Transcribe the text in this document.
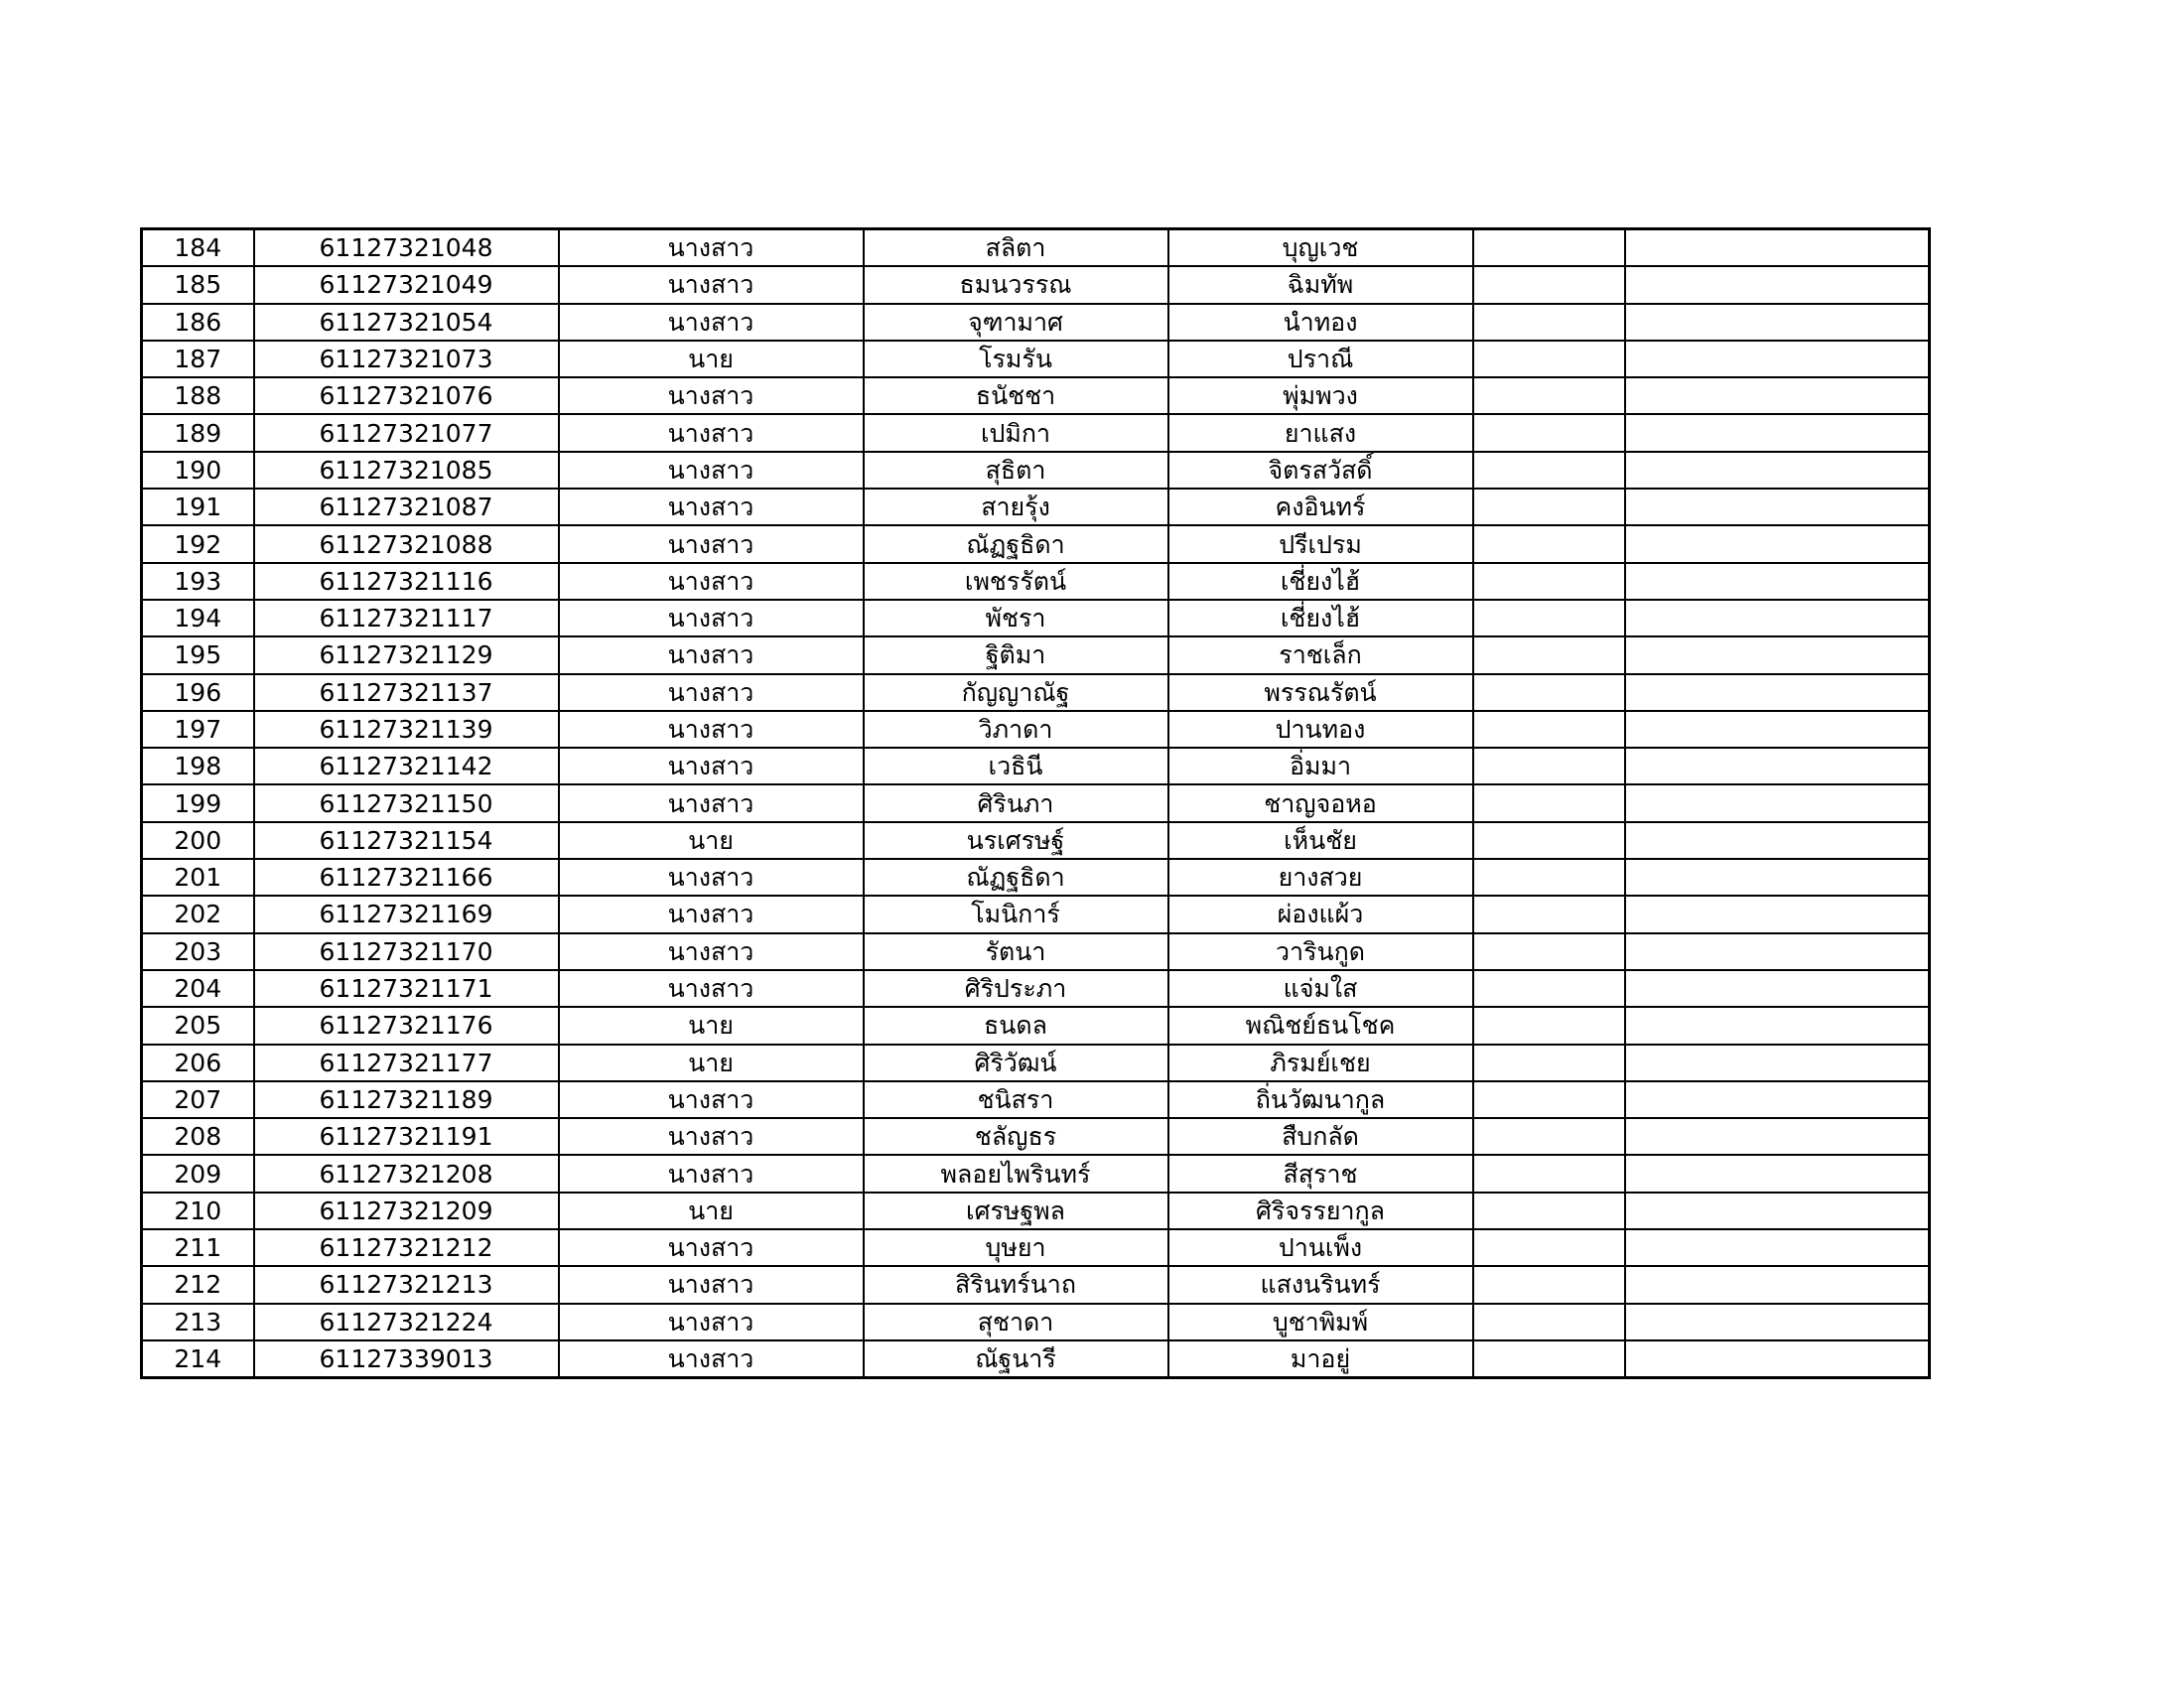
184	61127321048	นางสาว	สลิตา	บุญเวช		
185	61127321049	นางสาว	ธมนวรรณ	ฉิมทัพ		
186	61127321054	นางสาว	จุฑามาศ	นำทอง		
187	61127321073	นาย	โรมรัน	ปราณี		
188	61127321076	นางสาว	ธนัชชา	พุ่มพวง		
189	61127321077	นางสาว	เปมิกา	ยาแสง		
190	61127321085	นางสาว	สุธิตา	จิตรสวัสดิ์		
191	61127321087	นางสาว	สายรุ้ง	คงอินทร์		
192	61127321088	นางสาว	ณัฏฐธิดา	ปรีเปรม		
193	61127321116	นางสาว	เพชรรัตน์	เชี่ยงไฮ้		
194	61127321117	นางสาว	พัชรา	เชี่ยงไฮ้		
195	61127321129	นางสาว	ฐิติมา	ราชเล็ก		
196	61127321137	นางสาว	กัญญาณัฐ	พรรณรัตน์		
197	61127321139	นางสาว	วิภาดา	ปานทอง		
198	61127321142	นางสาว	เวธินี	อิ่มมา		
199	61127321150	นางสาว	ศิรินภา	ชาญจอหอ		
200	61127321154	นาย	นรเศรษฐ์	เห็นชัย		
201	61127321166	นางสาว	ณัฏฐธิดา	ยางสวย		
202	61127321169	นางสาว	โมนิการ์	ผ่องแผ้ว		
203	61127321170	นางสาว	รัตนา	วารินกูด		
204	61127321171	นางสาว	ศิริประภา	แจ่มใส		
205	61127321176	นาย	ธนดล	พณิชย์ธนโชค		
206	61127321177	นาย	ศิริวัฒน์	ภิรมย์เชย		
207	61127321189	นางสาว	ชนิสรา	ถิ่นวัฒนากูล		
208	61127321191	นางสาว	ชลัญธร	สืบกลัด		
209	61127321208	นางสาว	พลอยไพรินทร์	สีสุราช		
210	61127321209	นาย	เศรษฐพล	ศิริจรรยากูล		
211	61127321212	นางสาว	บุษยา	ปานเพ็ง		
212	61127321213	นางสาว	สิรินทร์นาถ	แสงนรินทร์		
213	61127321224	นางสาว	สุชาดา	บูชาพิมพ์		
214	61127339013	นางสาว	ณัฐนารี	มาอยู่		
